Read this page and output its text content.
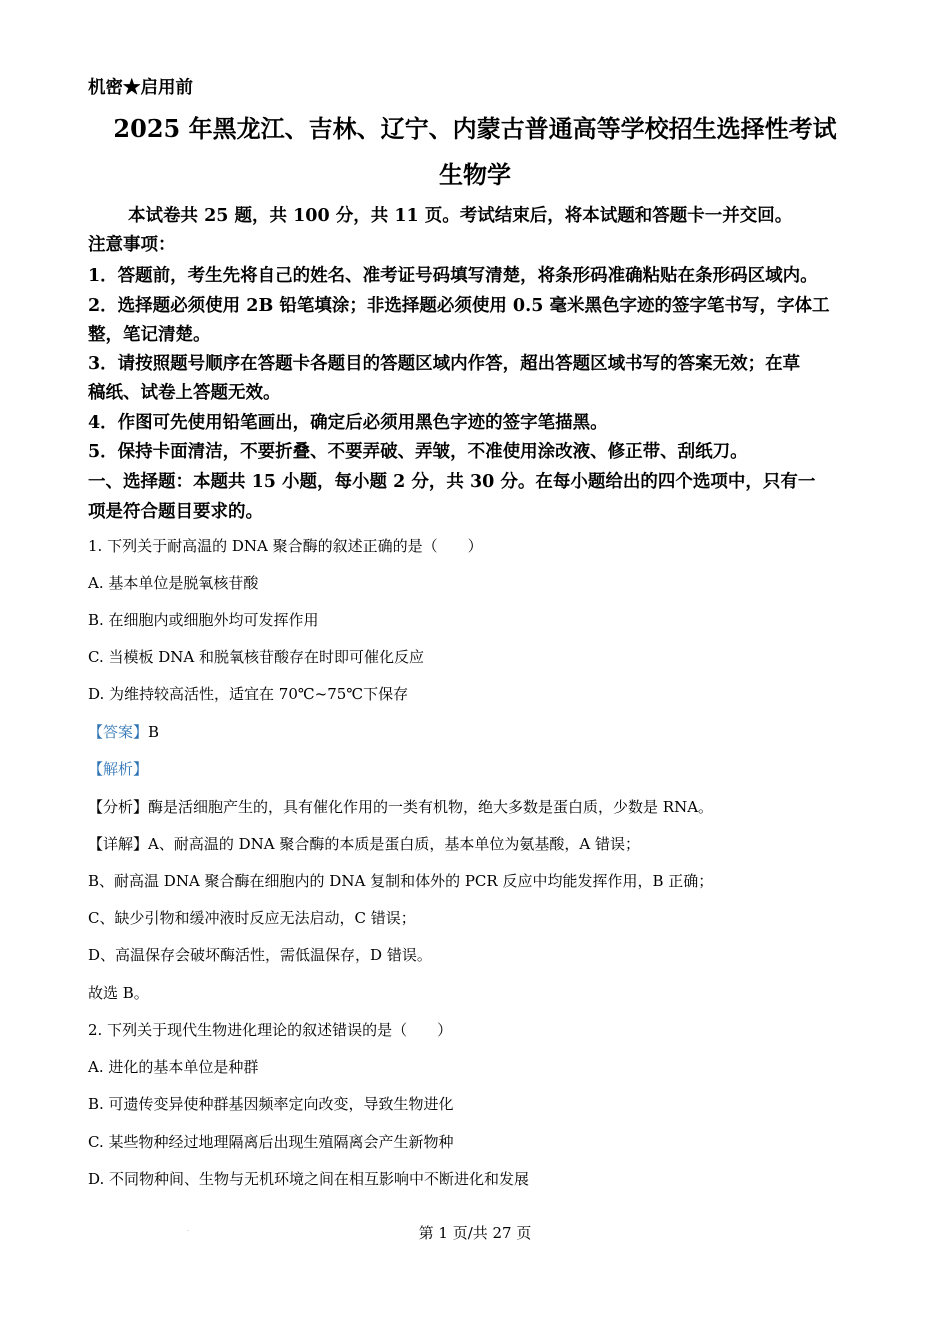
机密★启用前
2025 年黑龙江、吉林、辽宁、内蒙古普通高等学校招生选择性考试
生物学
本试卷共 25 题，共 100 分，共 11 页。考试结束后，将本试题和答题卡一并交回。
注意事项：
1．答题前，考生先将自己的姓名、准考证号码填写清楚，将条形码准确粘贴在条形码区域内。
2．选择题必须使用 2B 铅笔填涂；非选择题必须使用 0.5 毫米黑色字迹的签字笔书写，字体工
整，笔记清楚。
3．请按照题号顺序在答题卡各题目的答题区域内作答，超出答题区域书写的答案无效；在草
稿纸、试卷上答题无效。
4．作图可先使用铅笔画出，确定后必须用黑色字迹的签字笔描黑。
5．保持卡面清洁，不要折叠、不要弄破、弄皱，不准使用涂改液、修正带、刮纸刀。
一、选择题：本题共 15 小题，每小题 2 分，共 30 分。在每小题给出的四个选项中，只有一
项是符合题目要求的。
1. 下列关于耐高温的 DNA 聚合酶的叙述正确的是（　　）
A. 基本单位是脱氧核苷酸
B. 在细胞内或细胞外均可发挥作用
C. 当模板 DNA 和脱氧核苷酸存在时即可催化反应
D. 为维持较高活性，适宜在 70℃~75℃下保存
【答案】B
【解析】
【分析】酶是活细胞产生的，具有催化作用的一类有机物，绝大多数是蛋白质，少数是 RNA。
【详解】A、耐高温的 DNA 聚合酶的本质是蛋白质，基本单位为氨基酸，A 错误；
B、耐高温 DNA 聚合酶在细胞内的 DNA 复制和体外的 PCR 反应中均能发挥作用，B 正确；
C、缺少引物和缓冲液时反应无法启动，C 错误；
D、高温保存会破坏酶活性，需低温保存，D 错误。
故选 B。
2. 下列关于现代生物进化理论的叙述错误的是（　　）
A. 进化的基本单位是种群
B. 可遗传变异使种群基因频率定向改变，导致生物进化
C. 某些物种经过地理隔离后出现生殖隔离会产生新物种
D. 不同物种间、生物与无机环境之间在相互影响中不断进化和发展
·	第 1 页/共 27 页
